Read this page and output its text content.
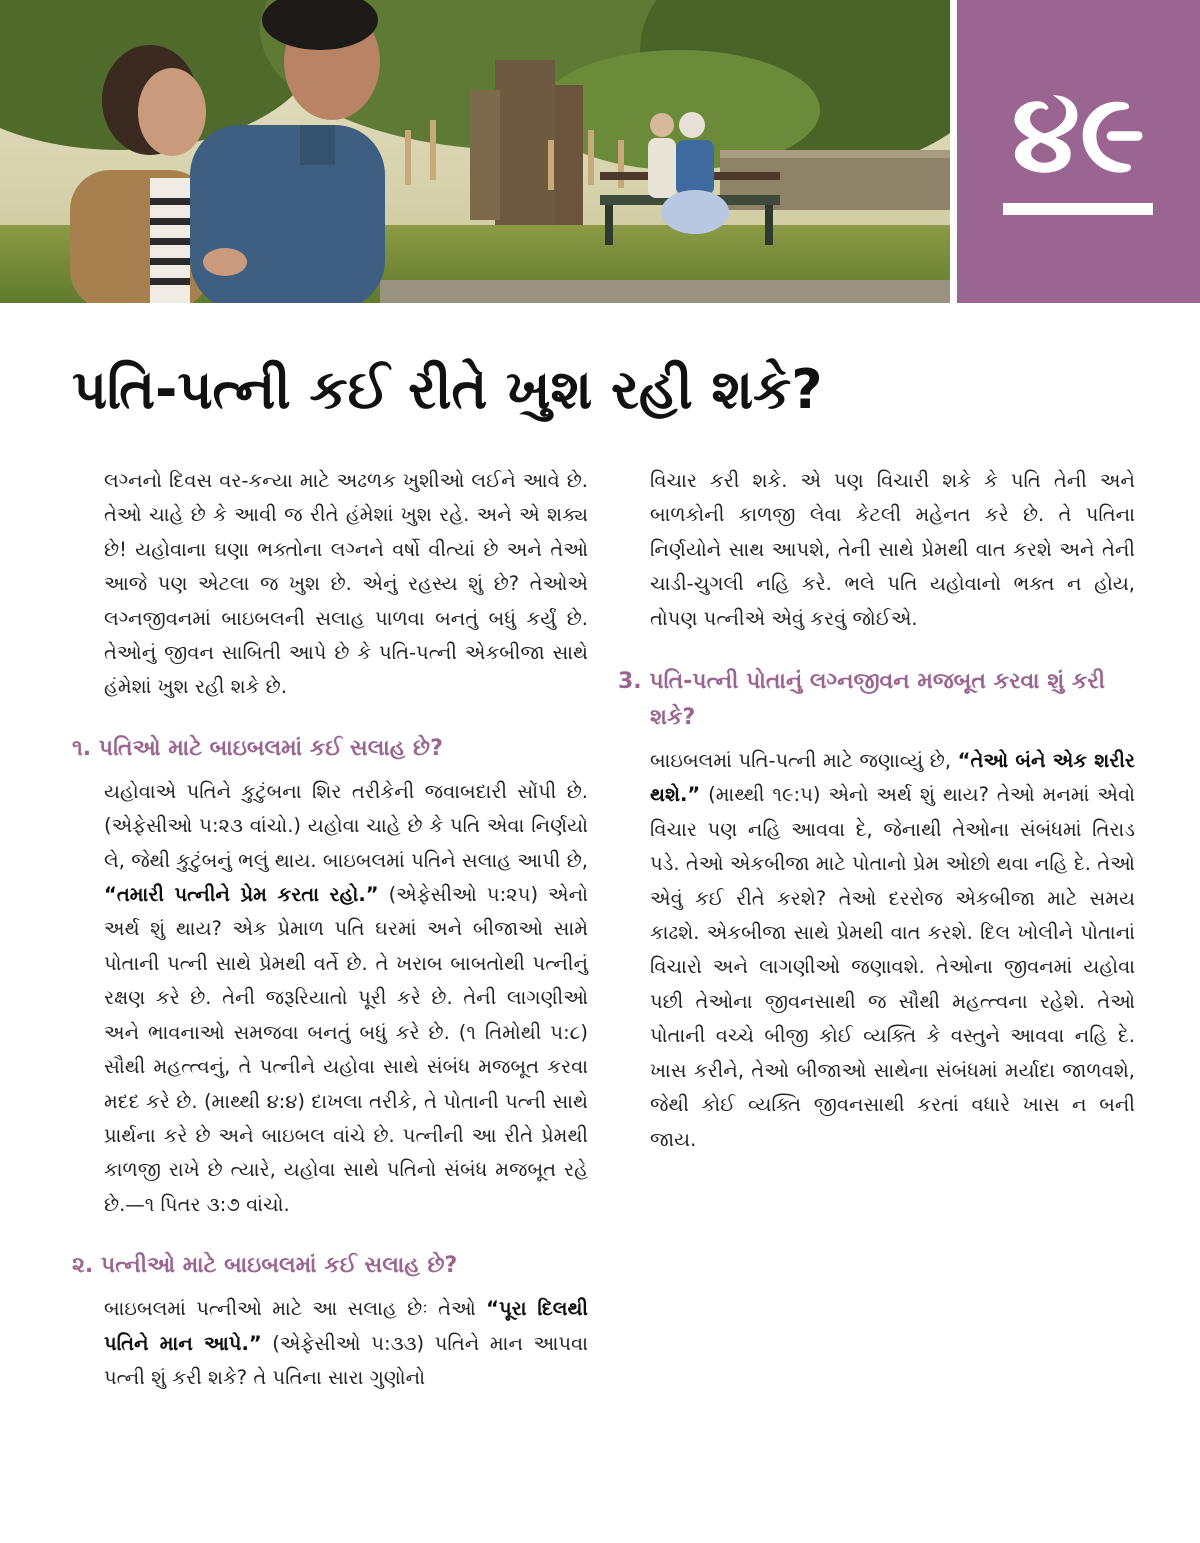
૪૯
પતિ-પત્ની કઈ રીતે ખુશ રહી શકે?

લગ્નનો દિવસ વર-કન્યા માટે અઢળક ખુશીઓ લઈને આવે છે. તેઓ ચાહે છે કે આવી જ રીતે હંમેશાં ખુશ રહે. અને એ શક્ય છે! યહોવાના ઘણા ભક્તોના લગ્નને વર્ષો વીત્યાં છે અને તેઓ આજે પણ એટલા જ ખુશ છે. એનું રહસ્ય શું છે? તેઓએ લગ્નજીવનમાં બાઇબલની સલાહ પાળવા બનતું બધું કર્યું છે. તેઓનું જીવન સાબિતી આપે છે કે પતિ-પત્ની એકબીજા સાથે હંમેશાં ખુશ રહી શકે છે.

૧. પતિઓ માટે બાઇબલમાં કઈ સલાહ છે?

યહોવાએ પતિને કુટુંબના શિર તરીકેની જવાબદારી સોંપી છે. (એફેસીઓ ૫:૨૩ વાંચો.) યહોવા ચાહે છે કે પતિ એવા નિર્ણયો લે, જેથી કુટુંબનું ભલું થાય. બાઇબલમાં પતિને સલાહ આપી છે, “તમારી પત્નીને પ્રેમ કરતા રહો.” (એફેસીઓ ૫:૨૫) એનો અર્થ શું થાય? એક પ્રેમાળ પતિ ઘરમાં અને બીજાઓ સામે પોતાની પત્ની સાથે પ્રેમથી વર્તે છે. તે ખરાબ બાબતોથી પત્નીનું રક્ષણ કરે છે. તેની જરૂરિયાતો પૂરી કરે છે. તેની લાગણીઓ અને ભાવનાઓ સમજવા બનતું બધું કરે છે. (૧ તિમોથી ૫:૮) સૌથી મહત્ત્વનું, તે પત્નીને યહોવા સાથે સંબંધ મજબૂત કરવા મદદ કરે છે. (માથ્થી ૪:૪) દાખલા તરીકે, તે પોતાની પત્ની સાથે પ્રાર્થના કરે છે અને બાઇબલ વાંચે છે. પત્નીની આ રીતે પ્રેમથી કાળજી રાખે છે ત્યારે, યહોવા સાથે પતિનો સંબંધ મજબૂત રહે છે.—૧ પિતર ૩:૭ વાંચો.

૨. પત્નીઓ માટે બાઇબલમાં કઈ સલાહ છે?

બાઇબલમાં પત્નીઓ માટે આ સલાહ છેઃ તેઓ “પૂરા દિલથી પતિને માન આપે.” (એફેસીઓ ૫:૩૩) પતિને માન આપવા પત્ની શું કરી શકે? તે પતિના સારા ગુણોનો

વિચાર કરી શકે. એ પણ વિચારી શકે કે પતિ તેની અને બાળકોની કાળજી લેવા કેટલી મહેનત કરે છે. તે પતિના નિર્ણયોને સાથ આપશે, તેની સાથે પ્રેમથી વાત કરશે અને તેની ચાડી-ચુગલી નહિ કરે. ભલે પતિ યહોવાનો ભક્ત ન હોય, તોપણ પત્નીએ એવું કરવું જોઈએ.

3. પતિ-પત્ની પોતાનું લગ્નજીવન મજબૂત કરવા શું કરી શકે?

બાઇબલમાં પતિ-પત્ની માટે જણાવ્યું છે, “તેઓ બંને એક શરીર થશે.” (માથ્થી ૧૯:૫) એનો અર્થ શું થાય? તેઓ મનમાં એવો વિચાર પણ નહિ આવવા દે, જેનાથી તેઓના સંબંધમાં તિરાડ પડે. તેઓ એકબીજા માટે પોતાનો પ્રેમ ઓછો થવા નહિ દે. તેઓ એવું કઈ રીતે કરશે? તેઓ દરરોજ એકબીજા માટે સમય કાઢશે. એકબીજા સાથે પ્રેમથી વાત કરશે. દિલ ખોલીને પોતાનાં વિચારો અને લાગણીઓ જણાવશે. તેઓના જીવનમાં યહોવા પછી તેઓના જીવનસાથી જ સૌથી મહત્ત્વના રહેશે. તેઓ પોતાની વચ્ચે બીજી કોઈ વ્યક્તિ કે વસ્તુને આવવા નહિ દે. ખાસ કરીને, તેઓ બીજાઓ સાથેના સંબંધમાં મર્યાદા જાળવશે, જેથી કોઈ વ્યક્તિ જીવનસાથી કરતાં વધારે ખાસ ન બની જાય.
